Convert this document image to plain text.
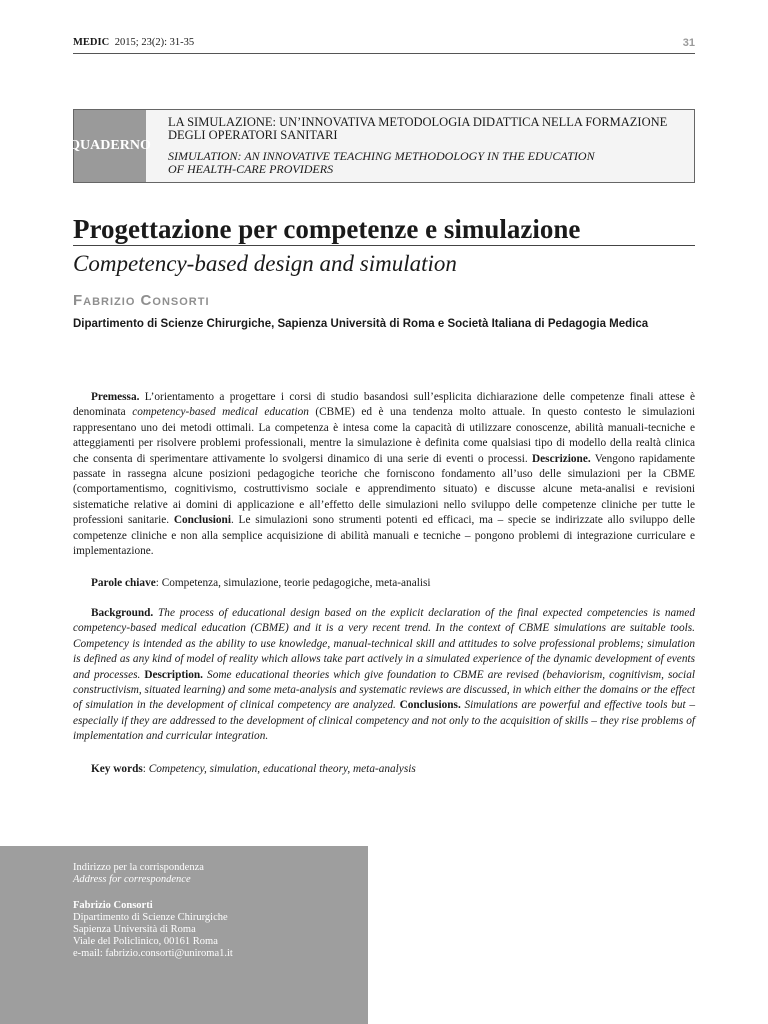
MEDIC 2015; 23(2): 31-35	31
QUADERNO
LA SIMULAZIONE: UN’INNOVATIVA METODOLOGIA DIDATTICA NELLA FORMAZIONE
DEGLI OPERATORI SANITARI
SIMULATION: AN INNOVATIVE TEACHING METHODOLOGY IN THE EDUCATION
OF HEALTH-CARE PROVIDERS
Progettazione per competenze e simulazione
Competency-based design and simulation
Fabrizio Consorti
Dipartimento di Scienze Chirurgiche, Sapienza Università di Roma e Società Italiana di Pedagogia Medica

Premessa. L’orientamento a progettare i corsi di studio basandosi sull’esplicita dichiarazione delle competenze finali attese è denominata competency-based medical education (CBME) ed è una tendenza molto attuale. In questo contesto le simulazioni rappresentano uno dei metodi ottimali. La competenza è intesa come la capacità di utilizzare conoscenze, abilità manuali-tecniche e atteggiamenti per risolvere problemi professionali, mentre la simulazione è definita come qualsiasi tipo di modello della realtà clinica che consenta di sperimentare attivamente lo svolgersi dinamico di una serie di eventi o processi. Descrizione. Vengono rapidamente passate in rassegna alcune posizioni pedagogiche teoriche che forniscono fondamento all’uso delle simulazioni per la CBME (comportamentismo, cognitivismo, costruttivismo sociale e apprendimento situato) e discusse alcune meta-analisi e revisioni sistematiche relative ai domini di applicazione e all’effetto delle simulazioni nello sviluppo delle competenze cliniche per tutte le professioni sanitarie. Conclusioni. Le simulazioni sono strumenti potenti ed efficaci, ma – specie se indirizzate allo sviluppo delle competenze cliniche e non alla semplice acquisizione di abilità manuali e tecniche – pongono problemi di integrazione curriculare e implementazione.

Parole chiave: Competenza, simulazione, teorie pedagogiche, meta-analisi

Background. The process of educational design based on the explicit declaration of the final expected competencies is named competency-based medical education (CBME) and it is a very recent trend. In the context of CBME simulations are suitable tools. Competency is intended as the ability to use knowledge, manual-technical skill and attitudes to solve professional problems; simulation is defined as any kind of model of reality which allows take part actively in a simulated experience of the dynamic development of events and processes. Description. Some educational theories which give foundation to CBME are revised (behaviorism, cognitivism, social constructivism, situated learning) and some meta-analysis and systematic reviews are discussed, in which either the domains or the effect of simulation in the development of clinical competency are analyzed. Conclusions. Simulations are powerful and effective tools but – especially if they are addressed to the development of clinical competency and not only to the acquisition of skills – they rise problems of implementation and curricular integration.

Key words: Competency, simulation, educational theory, meta-analysis

Indirizzo per la corrispondenza
Address for correspondence
Fabrizio Consorti
Dipartimento di Scienze Chirurgiche
Sapienza Università di Roma
Viale del Policlinico, 00161 Roma
e-mail: fabrizio.consorti@uniroma1.it
